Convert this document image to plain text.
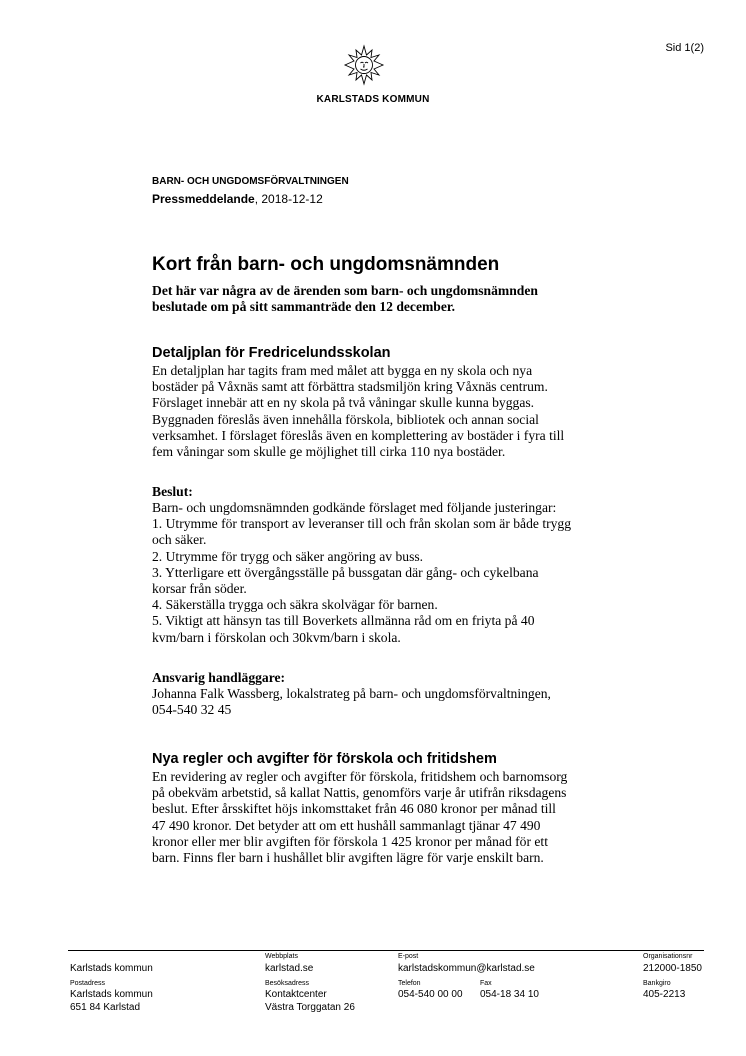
Sid 1(2)
KARLSTADS KOMMUN
BARN- OCH UNGDOMSFÖRVALTNINGEN
Pressmeddelande, 2018-12-12
Kort från barn- och ungdomsnämnden

Det här var några av de ärenden som barn- och ungdomsnämnden
beslutade om på sitt sammanträde den 12 december.

Detaljplan för Fredricelundsskolan

En detaljplan har tagits fram med målet att bygga en ny skola och nya
bostäder på Våxnäs samt att förbättra stadsmiljön kring Våxnäs centrum.
Förslaget innebär att en ny skola på två våningar skulle kunna byggas.
Byggnaden föreslås även innehålla förskola, bibliotek och annan social
verksamhet. I förslaget föreslås även en komplettering av bostäder i fyra till
fem våningar som skulle ge möjlighet till cirka 110 nya bostäder.

Beslut:

Barn- och ungdomsnämnden godkände förslaget med följande justeringar:
1. Utrymme för transport av leveranser till och från skolan som är både trygg
och säker.
2. Utrymme för trygg och säker angöring av buss.
3. Ytterligare ett övergångsställe på bussgatan där gång- och cykelbana
korsar från söder.
4. Säkerställa trygga och säkra skolvägar för barnen.
5. Viktigt att hänsyn tas till Boverkets allmänna råd om en friyta på 40
kvm/barn i förskolan och 30kvm/barn i skola.

Ansvarig handläggare:

Johanna Falk Wassberg, lokalstrateg på barn- och ungdomsförvaltningen,
054-540 32 45

Nya regler och avgifter för förskola och fritidshem

En revidering av regler och avgifter för förskola, fritidshem och barnomsorg
på obekväm arbetstid, så kallat Nattis, genomförs varje år utifrån riksdagens
beslut. Efter årsskiftet höjs inkomsttaket från 46 080 kronor per månad till
47 490 kronor. Det betyder att om ett hushåll sammanlagt tjänar 47 490
kronor eller mer blir avgiften för förskola 1 425 kronor per månad för ett
barn. Finns fler barn i hushållet blir avgiften lägre för varje enskilt barn.

Karlstads kommun
Webbplats
karlstad.se
E-post
karlstadskommun@karlstad.se
Organisationsnr
212000-1850
Postadress
Karlstads kommun
651 84 Karlstad
Besöksadress
Kontaktcenter
Västra Torggatan 26
Telefon
054-540 00 00
Fax
054-18 34 10
Bankgiro
405-2213
